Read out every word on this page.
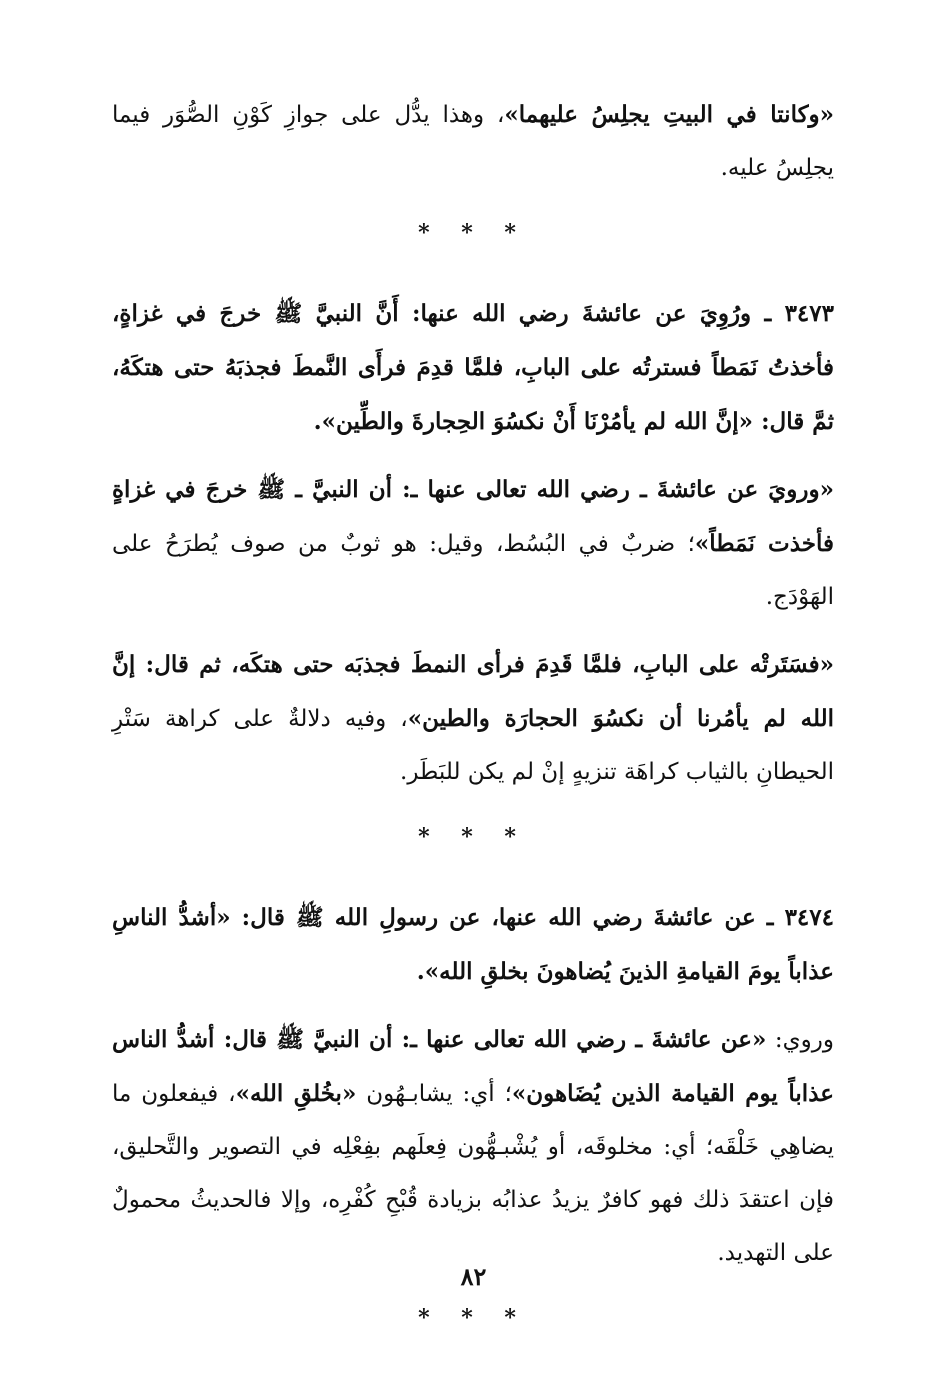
«وكانتا في البيتِ يجلِسُ عليهما»، وهذا يدُّل على جوازِ كَوْنِ الصُّوَر فيما يجلِسُ عليه.

* * *

٣٤٧٣ ـ ورُوِيَ عن عائشةَ رضي الله عنها: أَنَّ النبيَّ ﷺ خرجَ في غزاةٍ، فأخذتُ نَمَطاً فسترتُه على البابِ، فلمَّا قدِمَ فرأَى النَّمطَ فجذبَهُ حتى هتكَهُ، ثمَّ قال: «إنَّ الله لم يأمُرْنَا أَنْ نكسُوَ الحِجارةَ والطِّين».

«ورويَ عن عائشةَ ـ رضي الله تعالى عنها ـ: أن النبيَّ ـ ﷺ خرجَ في غزاةٍ فأخذت نَمَطاً»؛ ضربٌ في البُسُط، وقيل: هو ثوبٌ من صوف يُطرَحُ على الهَوْدَج.

«فسَتَرتْه على البابِ، فلمَّا قَدِمَ فرأى النمطَ فجذبَه حتى هتكَه، ثم قال: إنَّ الله لم يأمُرنا أن نكسُوَ الحجارَة والطين»، وفيه دلالةٌ على كراهة سَتْرِ الحيطانِ بالثياب كراهَة تنزيهٍ إنْ لم يكن للبَطَر.

* * *

٣٤٧٤ ـ عن عائشةَ رضي الله عنها، عن رسولِ الله ﷺ قال: «أشدُّ الناسِ عذاباً يومَ القيامةِ الذينَ يُضاهونَ بخلقِ الله».

وروي: «عن عائشةَ ـ رضي الله تعالى عنها ـ: أن النبيَّ ﷺ قال: أشدُّ الناس عذاباً يوم القيامة الذين يُضَاهون»؛ أي: يشابـهُون «بخُلقِ الله»، فيفعلون ما يضاهِي خَلْقَه؛ أي: مخلوقَه، أو يُشْبـهُّون فِعلَهم بفِعْلِه في التصوير والتَّحليق، فإن اعتقدَ ذلك فهو كافرٌ يزيدُ عذابُه بزيادة قُبْحِ كُفْرِه، وإلا فالحديثُ محمولٌ على التهديد.

* * *
٨٢
